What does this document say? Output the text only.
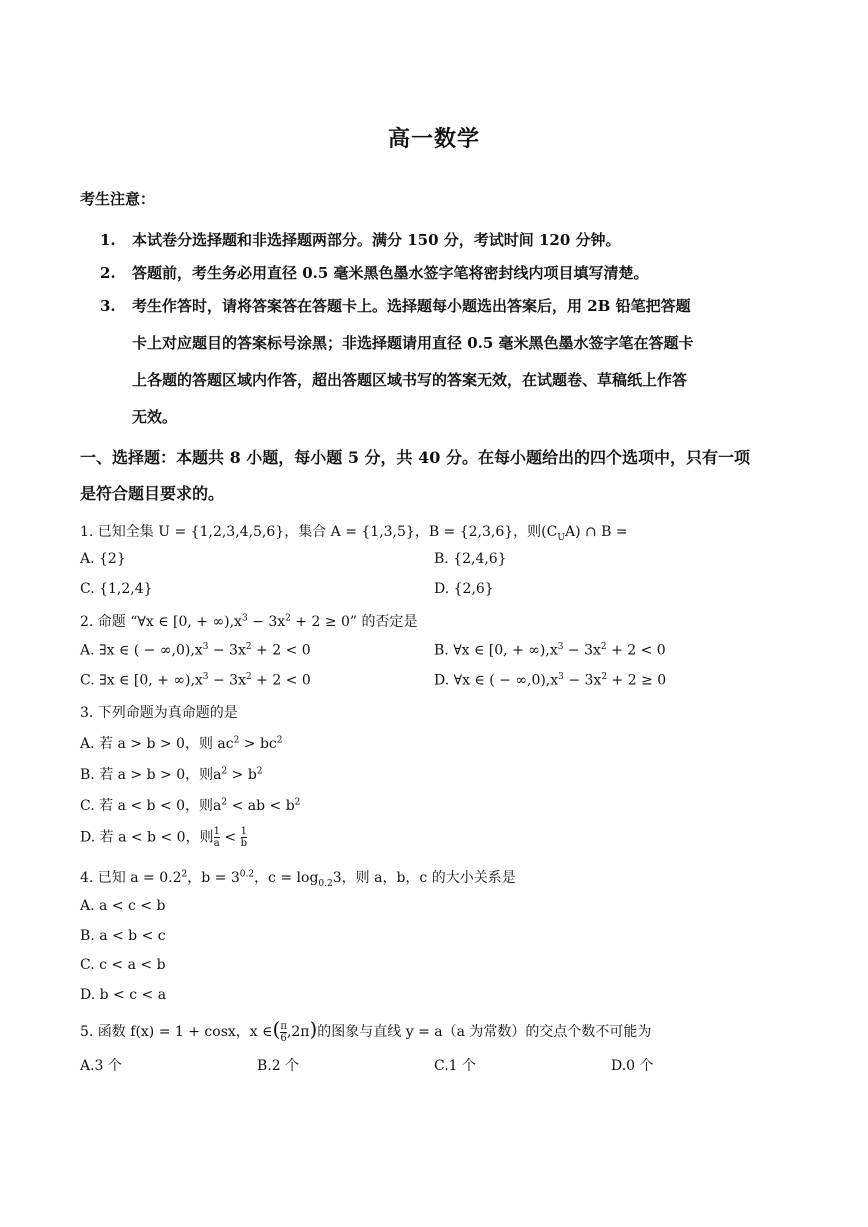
高一数学
考生注意：
1. 本试卷分选择题和非选择题两部分。满分 150 分，考试时间 120 分钟。
2. 答题前，考生务必用直径 0.5 毫米黑色墨水签字笔将密封线内项目填写清楚。
3. 考生作答时，请将答案答在答题卡上。选择题每小题选出答案后，用 2B 铅笔把答题
卡上对应题目的答案标号涂黑；非选择题请用直径 0.5 毫米黑色墨水签字笔在答题卡
上各题的答题区域内作答，超出答题区域书写的答案无效，在试题卷、草稿纸上作答
无效。
一、选择题：本题共 8 小题，每小题 5 分，共 40 分。在每小题给出的四个选项中，只有一项
是符合题目要求的。
1. 已知全集 U = {1,2,3,4,5,6}，集合 A = {1,3,5}，B = {2,3,6}，则$(C_UA)$ ∩ B =
A. {2}	B. {2,4,6}
C. {1,2,4}	D. {2,6}
2. 命题 “∀x ∈ [0, + $\infty),x^3 - 3x^2 + 2 \ge 0$” 的否定是
A. ∃x ∈ ( − $\infty,0),x^3 - 3x^2 + 2 < 0$	B. ∀x ∈ [0, + $\infty),x^3 - 3x^2 + 2 < 0$
C. ∃x ∈ [0, + $\infty),x^3 - 3x^2 + 2 < 0$	D. ∀x ∈ ( − $\infty,0),x^3 - 3x^2 + 2 \ge 0$
3. 下列命题为真命题的是
A. 若 a > b > 0，则 $ac^2 > bc^2$
B. 若 a > b > 0，则$a^2 > b^2$
C. 若 a < b < 0，则$a^2$ < ab < $b^2$
D. 若 a < b < 0，则 $\frac{1}{a} < \frac{1}{b}$
4. 已知 $a = 0.2^2$，$b = 3^{0.2}$，$c = \log_{0.2}3$，则 a，b，c 的大小关系是
A. a < c < b
B. a < b < c
C. c < a < b
D. b < c < a
5. 函数 f(x) = 1 + cosx，x ∈( $\frac{\pi}{6} ,2\pi$)的图象与直线 y = a（a 为常数）的交点个数不可能为
A.3 个	B.2 个	C.1 个	D.0 个
